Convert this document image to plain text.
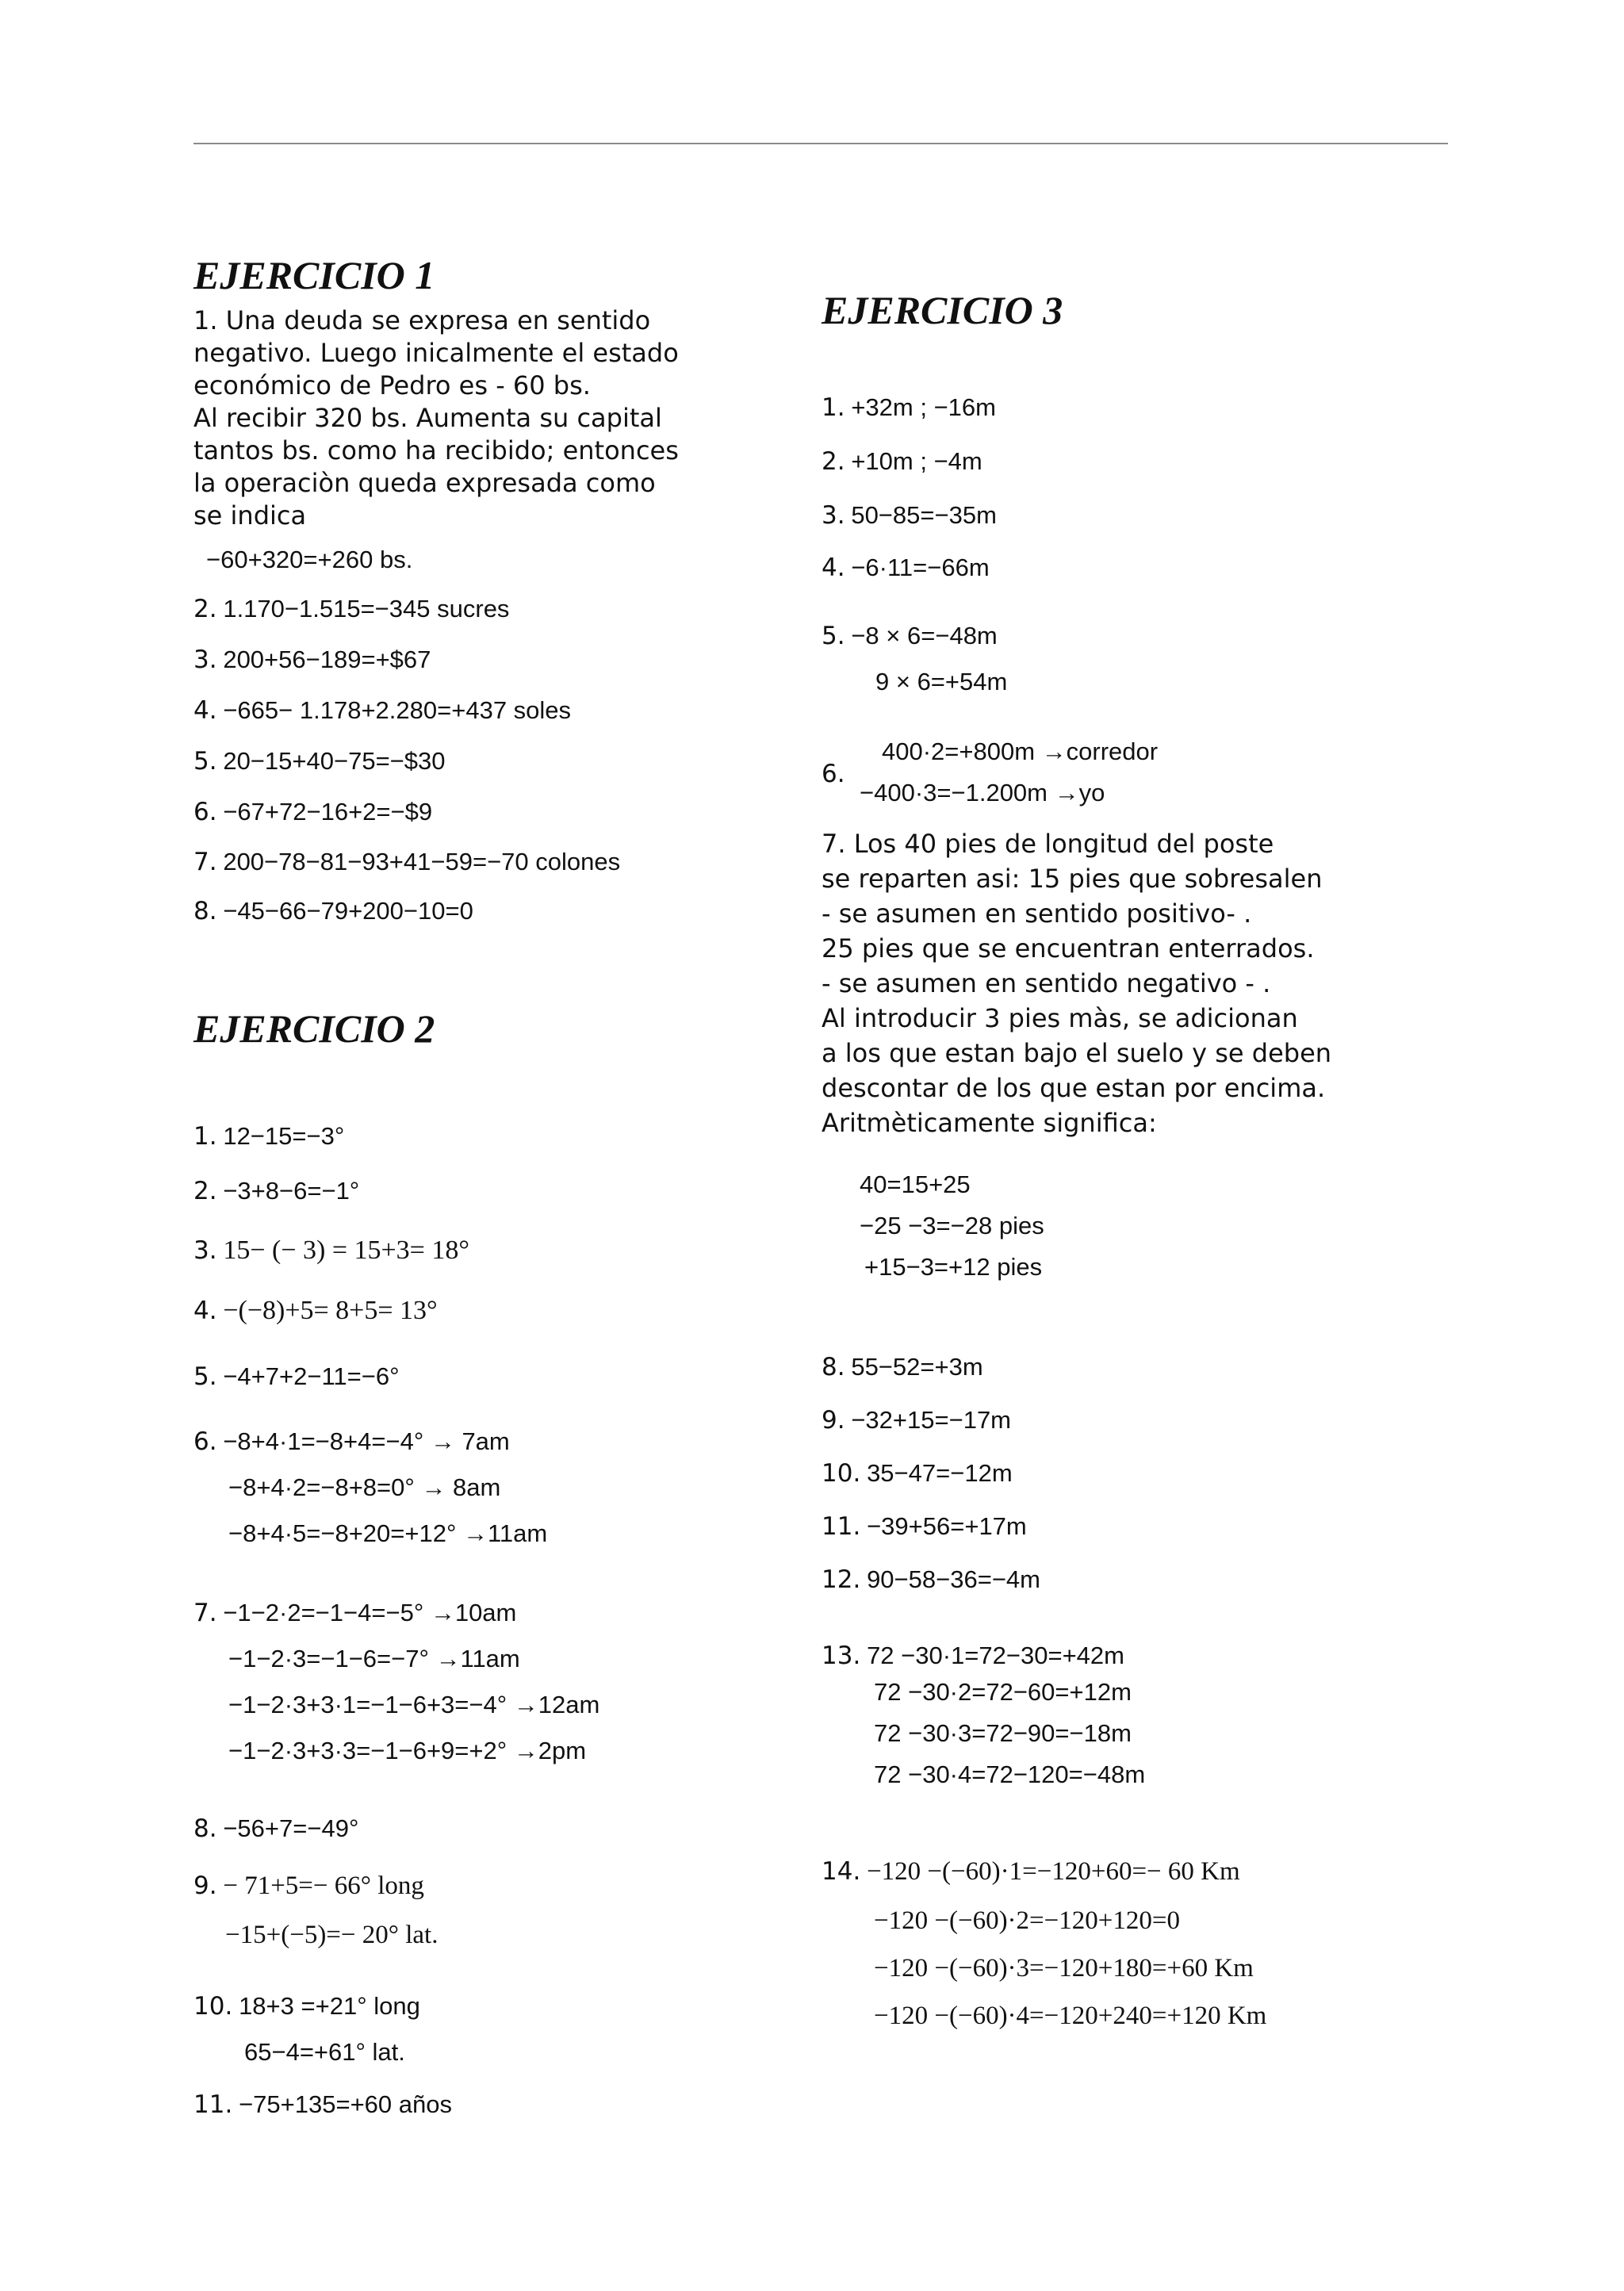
EJERCICIO 1
1. Una deuda se expresa en sentido
negativo. Luego inicalmente el estado
económico de Pedro es - 60 bs.
Al recibir 320 bs. Aumenta su capital
tantos bs. como ha recibido; entonces
la operaciòn queda expresada como
se indica
−60+320=+260 bs.
2. 1.170−1.515=−345 sucres
3. 200+56−189=+$67
4. −665− 1.178+2.280=+437 soles
5. 20−15+40−75=−$30
6. −67+72−16+2=−$9
7. 200−78−81−93+41−59=−70 colones
8. −45−66−79+200−10=0
EJERCICIO 2
1. 12−15=−3°
2. −3+8−6=−1°
3. 15− (− 3) = 15+3= 18°
4. −(−8)+5= 8+5= 13°
5. −4+7+2−11=−6°
6. −8+4·1=−8+4=−4° → 7am
−8+4·2=−8+8=0° → 8am
−8+4·5=−8+20=+12° →11am
7. −1−2·2=−1−4=−5° →10am
−1−2·3=−1−6=−7° →11am
−1−2·3+3·1=−1−6+3=−4° →12am
−1−2·3+3·3=−1−6+9=+2° →2pm
8. −56+7=−49°
9. − 71+5=− 66° long
−15+(−5)=− 20° lat.
10. 18+3 =+21° long
65−4=+61° lat.
11. −75+135=+60 años
EJERCICIO 3
1. +32m ; −16m
2. +10m ; −4m
3. 50−85=−35m
4. −6·11=−66m
5. −8 × 6=−48m
9 × 6=+54m
6.
400·2=+800m →corredor
−400·3=−1.200m →yo
7. Los 40 pies de longitud del poste
se reparten asi: 15 pies que sobresalen
- se asumen en sentido positivo- .
25 pies que se encuentran enterrados.
- se asumen en sentido negativo - .
Al introducir 3 pies màs, se adicionan
a los que estan bajo el suelo y se deben
descontar de los que estan por encima.
Aritmèticamente significa:
40=15+25
−25 −3=−28 pies
+15−3=+12 pies
8. 55−52=+3m
9. −32+15=−17m
10. 35−47=−12m
11. −39+56=+17m
12. 90−58−36=−4m
13. 72 −30·1=72−30=+42m
72 −30·2=72−60=+12m
72 −30·3=72−90=−18m
72 −30·4=72−120=−48m
14. −120 −(−60)·1=−120+60=− 60 Km
−120 −(−60)·2=−120+120=0
−120 −(−60)·3=−120+180=+60 Km
−120 −(−60)·4=−120+240=+120 Km
